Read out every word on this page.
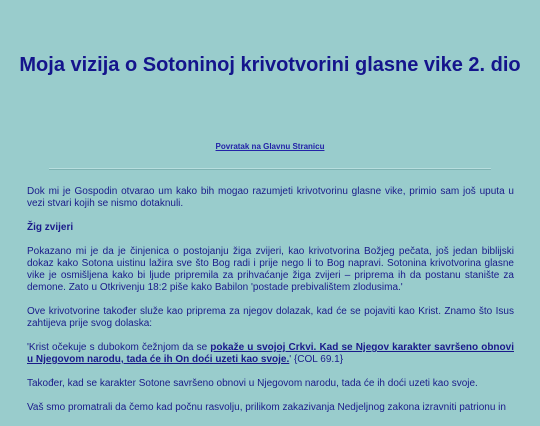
Moja vizija o Sotoninoj krivotvorini glasne vike 2. dio
Povratak na Glavnu Stranicu

Dok mi je Gospodin otvarao um kako bih mogao razumjeti krivotvorinu glasne vike, primio sam još uputa u vezi stvari kojih se nismo dotaknuli.

Žig zvijeri

Pokazano mi je da je činjenica o postojanju žiga zvijeri, kao krivotvorina Božjeg pečata, još jedan biblijski dokaz kako Sotona uistinu lažira sve što Bog radi i prije nego li to Bog napravi. Sotonina krivotvorina glasne vike je osmišljena kako bi ljude pripremila za prihvaćanje žiga zvijeri – priprema ih da postanu stanište za demone. Zato u Otkrivenju 18:2 piše kako Babilon 'postade prebivalištem zlodusima.'

Ove krivotvorine također služe kao priprema za njegov dolazak, kad će se pojaviti kao Krist. Znamo što Isus zahtijeva prije svog dolaska:

'Krist očekuje s dubokom čežnjom da se pokaže u svojoj Crkvi. Kad se Njegov karakter savršeno obnovi u Njegovom narodu, tada će ih On doći uzeti kao svoje.' {COL 69.1}

Također, kad se karakter Sotone savršeno obnovi u Njegovom narodu, tada će ih doći uzeti kao svoje.

Vaš smo promatrali da čemo kad počnu rasvolju, prilikom zakazivanja Nedjeljnog zakona izravniti patrionu in
